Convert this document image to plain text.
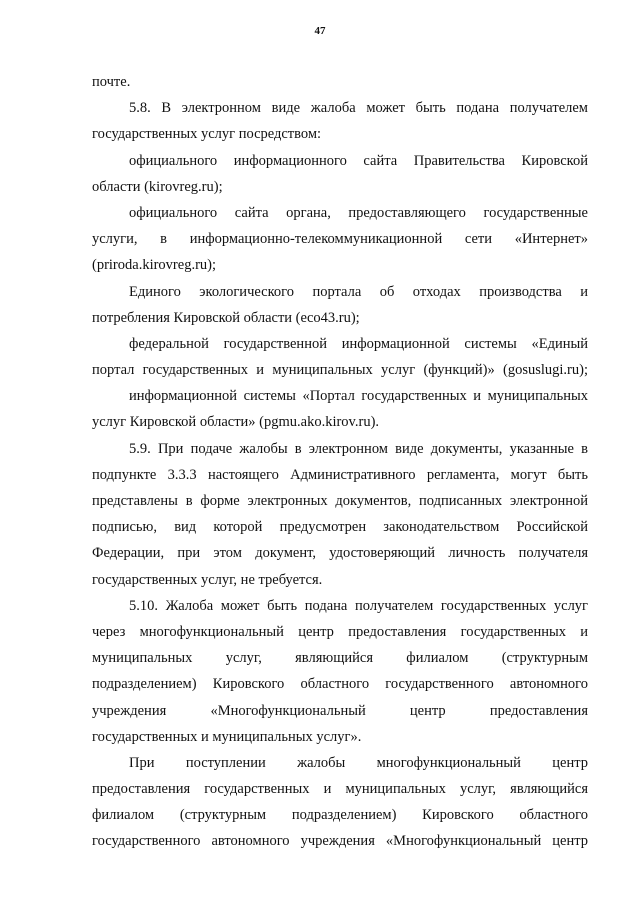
47
почте.
5.8. В электронном виде жалоба может быть подана получателем
государственных услуг посредством:
официального информационного сайта Правительства Кировской
области (kirovreg.ru);
официального сайта органа, предоставляющего государственные
услуги, в информационно-телекоммуникационной сети «Интернет»
(priroda.kirovreg.ru);
Единого экологического портала об отходах производства и
потребления Кировской области (eco43.ru);
федеральной государственной информационной системы «Единый
портал государственных и муниципальных услуг (функций)» (gosuslugi.ru);
информационной системы «Портал государственных и муниципальных
услуг Кировской области» (pgmu.ako.kirov.ru).
5.9. При подаче жалобы в электронном виде документы, указанные в
подпункте 3.3.3 настоящего Административного регламента, могут быть
представлены в форме электронных документов, подписанных электронной
подписью, вид которой предусмотрен законодательством Российской
Федерации, при этом документ, удостоверяющий личность получателя
государственных услуг, не требуется.
5.10. Жалоба может быть подана получателем государственных услуг
через многофункциональный центр предоставления государственных и
муниципальных услуг, являющийся филиалом (структурным
подразделением) Кировского областного государственного автономного
учреждения «Многофункциональный центр предоставления
государственных и муниципальных услуг».
При поступлении жалобы многофункциональный центр
предоставления государственных и муниципальных услуг, являющийся
филиалом (структурным подразделением) Кировского областного
государственного автономного учреждения «Многофункциональный центр
